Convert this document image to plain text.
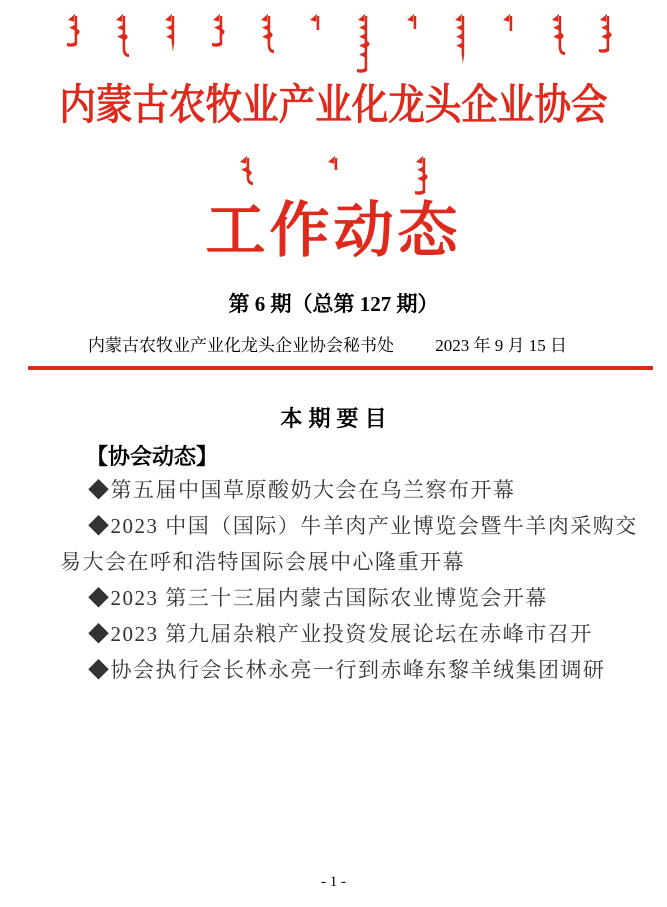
内蒙古农牧业产业化龙头企业协会
工作动态
第 6 期（总第 127 期）
内蒙古农牧业产业化龙头企业协会秘书处 2023 年 9 月 15 日
本 期 要 目
【协会动态】
◆第五届中国草原酸奶大会在乌兰察布开幕
◆2023 中国（国际）牛羊肉产业博览会暨牛羊肉采购交
易大会在呼和浩特国际会展中心隆重开幕
◆2023 第三十三届内蒙古国际农业博览会开幕
◆2023 第九届杂粮产业投资发展论坛在赤峰市召开
◆协会执行会长林永亮一行到赤峰东黎羊绒集团调研
- 1 -
